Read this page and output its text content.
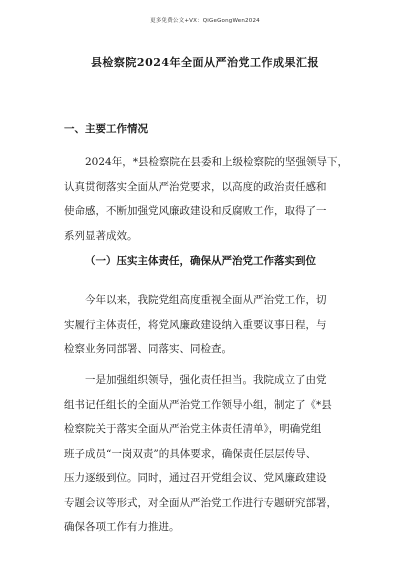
更多免费公文+VX：QiGeGongWen2024
县检察院2024年全面从严治党工作成果汇报
一、主要工作情况
2024年，*县检察院在县委和上级检察院的坚强领导下，
认真贯彻落实全面从严治党要求，以高度的政治责任感和
使命感，不断加强党风廉政建设和反腐败工作，取得了一
系列显著成效。
（一）压实主体责任，确保从严治党工作落实到位
今年以来，我院党组高度重视全面从严治党工作，切
实履行主体责任，将党风廉政建设纳入重要议事日程，与
检察业务同部署、同落实、同检查。
一是加强组织领导，强化责任担当。我院成立了由党
组书记任组长的全面从严治党工作领导小组，制定了《*县
检察院关于落实全面从严治党主体责任清单》，明确党组
班子成员“一岗双责”的具体要求，确保责任层层传导、
压力逐级到位。同时，通过召开党组会议、党风廉政建设
专题会议等形式，对全面从严治党工作进行专题研究部署，
确保各项工作有力推进。
